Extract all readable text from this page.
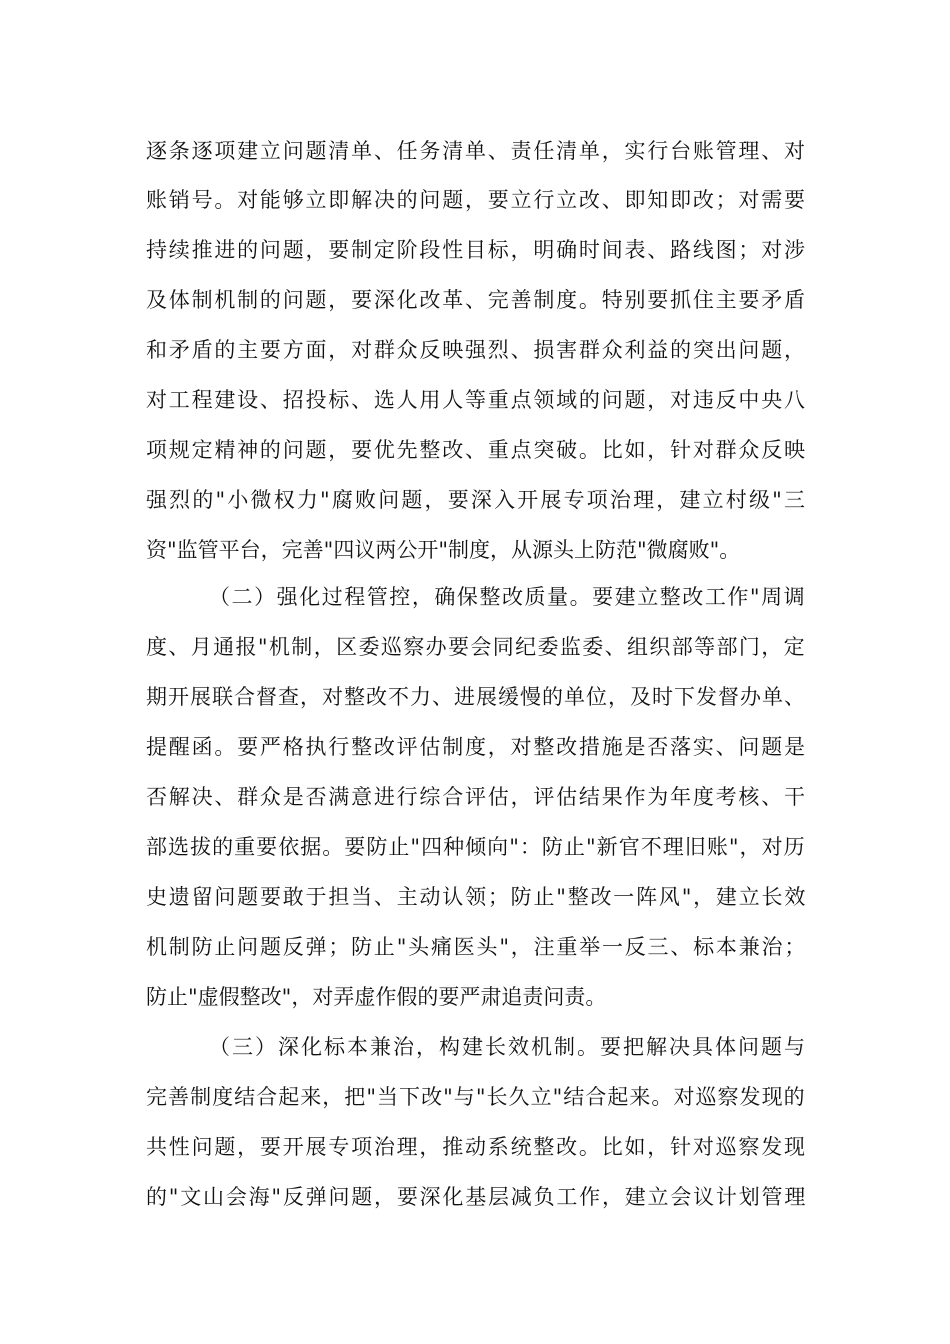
逐条逐项建立问题清单、任务清单、责任清单，实行台账管理、对
账销号。对能够立即解决的问题，要立行立改、即知即改；对需要
持续推进的问题，要制定阶段性目标，明确时间表、路线图；对涉
及体制机制的问题，要深化改革、完善制度。特别要抓住主要矛盾
和矛盾的主要方面，对群众反映强烈、损害群众利益的突出问题，
对工程建设、招投标、选人用人等重点领域的问题，对违反中央八
项规定精神的问题，要优先整改、重点突破。比如，针对群众反映
强烈的"小微权力"腐败问题，要深入开展专项治理，建立村级"三
资"监管平台，完善"四议两公开"制度，从源头上防范"微腐败"。
（二）强化过程管控，确保整改质量。要建立整改工作"周调
度、月通报"机制，区委巡察办要会同纪委监委、组织部等部门，定
期开展联合督查，对整改不力、进展缓慢的单位，及时下发督办单、
提醒函。要严格执行整改评估制度，对整改措施是否落实、问题是
否解决、群众是否满意进行综合评估，评估结果作为年度考核、干
部选拔的重要依据。要防止"四种倾向"：防止"新官不理旧账"，对历
史遗留问题要敢于担当、主动认领；防止"整改一阵风"，建立长效
机制防止问题反弹；防止"头痛医头"，注重举一反三、标本兼治；
防止"虚假整改"，对弄虚作假的要严肃追责问责。
（三）深化标本兼治，构建长效机制。要把解决具体问题与
完善制度结合起来，把"当下改"与"长久立"结合起来。对巡察发现的
共性问题，要开展专项治理，推动系统整改。比如，针对巡察发现
的"文山会海"反弹问题，要深化基层减负工作，建立会议计划管理
